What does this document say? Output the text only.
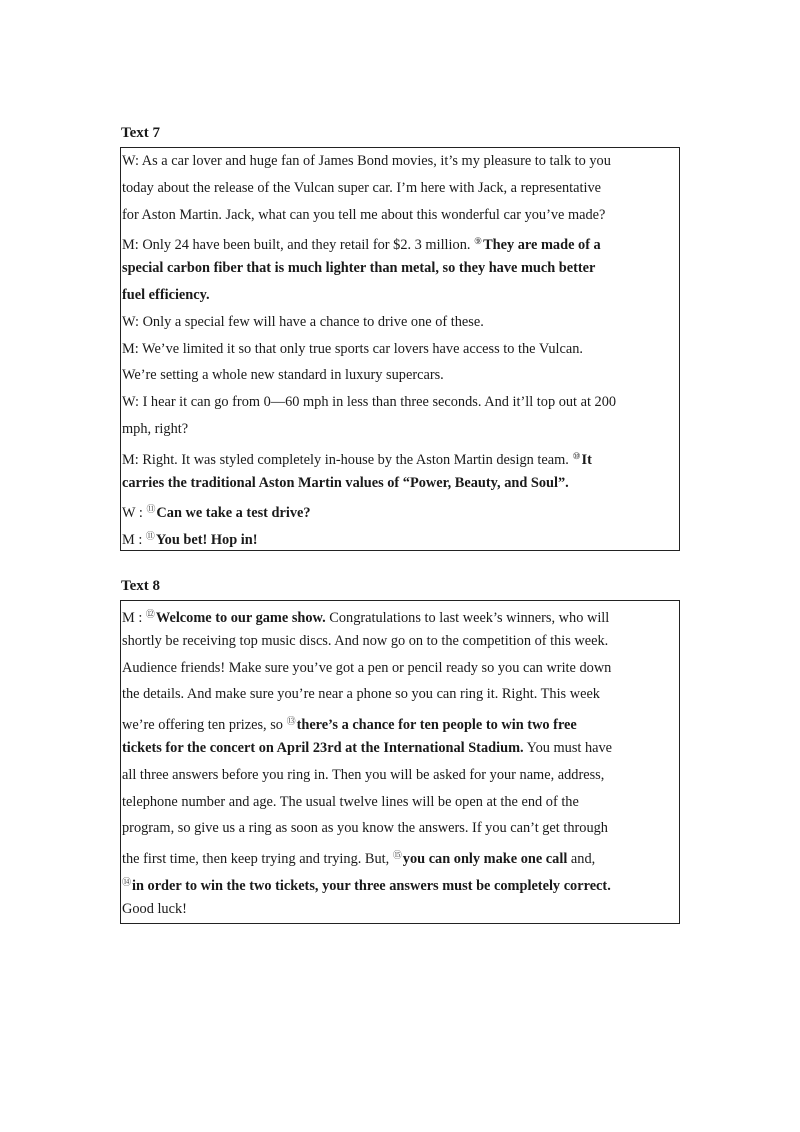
Text 7
W: As a car lover and huge fan of James Bond movies, it’s my pleasure to talk to you
today about the release of the Vulcan super car. I’m here with Jack, a representative
for Aston Martin. Jack, what can you tell me about this wonderful car you’ve made?
M: Only 24 have been built, and they retail for $2. 3 million. ⑨They are made of a
special carbon fiber that is much lighter than metal, so they have much better
fuel efficiency.
W: Only a special few will have a chance to drive one of these.
M: We’ve limited it so that only true sports car lovers have access to the Vulcan.
We’re setting a whole new standard in luxury supercars.
W: I hear it can go from 0—60 mph in less than three seconds. And it’ll top out at 200
mph, right?
M: Right. It was styled completely in-house by the Aston Martin design team. ⑩It
carries the traditional Aston Martin values of “Power, Beauty, and Soul”.
W : ⑪Can we take a test drive?
M : ⑪You bet! Hop in!
Text 8
M : ⑫Welcome to our game show. Congratulations to last week’s winners, who will
shortly be receiving top music discs. And now go on to the competition of this week.
Audience friends! Make sure you’ve got a pen or pencil ready so you can write down
the details. And make sure you’re near a phone so you can ring it. Right. This week
we’re offering ten prizes, so ⑬there’s a chance for ten people to win two free
tickets for the concert on April 23rd at the International Stadium. You must have
all three answers before you ring in. Then you will be asked for your name, address,
telephone number and age. The usual twelve lines will be open at the end of the
program, so give us a ring as soon as you know the answers. If you can’t get through
the first time, then keep trying and trying. But, ⑮you can only make one call and,
⑭in order to win the two tickets, your three answers must be completely correct.
Good luck!
